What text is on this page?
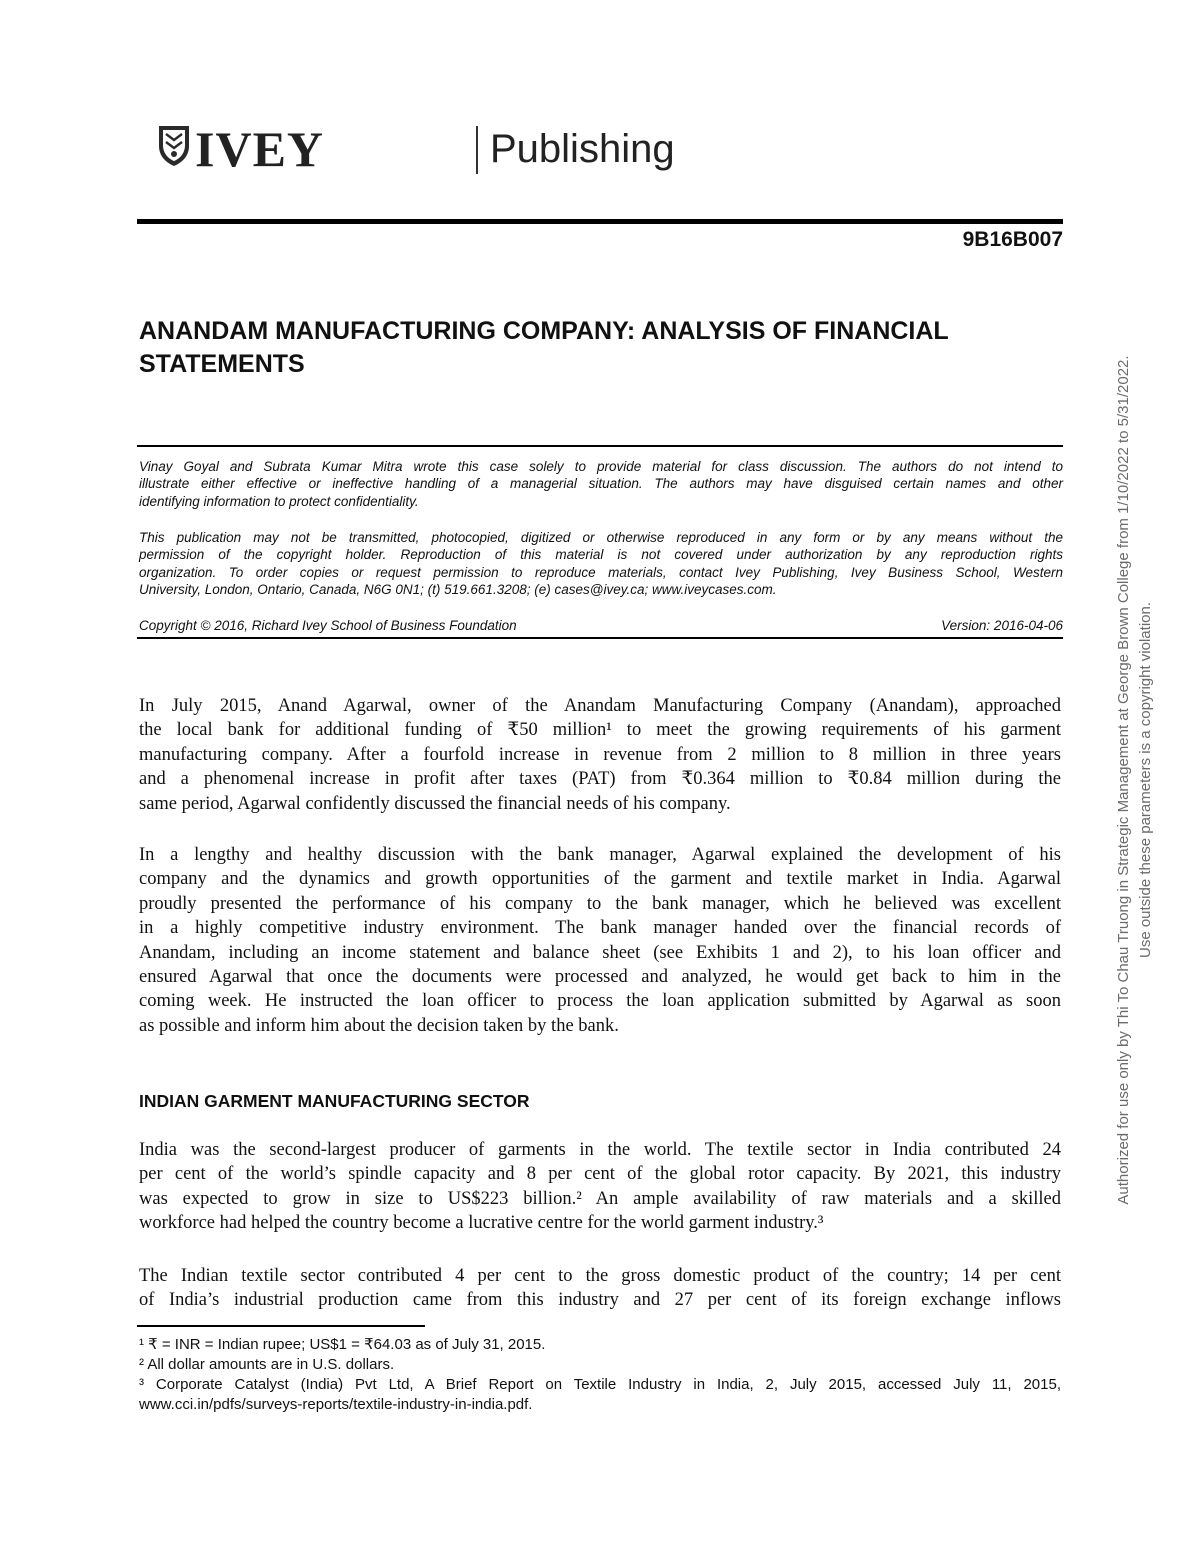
IVEY	Publishing
9B16B007
ANANDAM MANUFACTURING COMPANY: ANALYSIS OF FINANCIAL
STATEMENTS
Vinay Goyal and Subrata Kumar Mitra wrote this case solely to provide material for class discussion. The authors do not intend to
illustrate either effective or ineffective handling of a managerial situation. The authors may have disguised certain names and other
identifying information to protect confidentiality.
This publication may not be transmitted, photocopied, digitized or otherwise reproduced in any form or by any means without the
permission of the copyright holder. Reproduction of this material is not covered under authorization by any reproduction rights
organization. To order copies or request permission to reproduce materials, contact Ivey Publishing, Ivey Business School, Western
University, London, Ontario, Canada, N6G 0N1; (t) 519.661.3208; (e) cases@ivey.ca; www.iveycases.com.
Copyright © 2016, Richard Ivey School of Business Foundation	Version: 2016-04-06
In July 2015, Anand Agarwal, owner of the Anandam Manufacturing Company (Anandam), approached
the local bank for additional funding of ₹50 million¹ to meet the growing requirements of his garment
manufacturing company. After a fourfold increase in revenue from 2 million to 8 million in three years
and a phenomenal increase in profit after taxes (PAT) from ₹0.364 million to ₹0.84 million during the
same period, Agarwal confidently discussed the financial needs of his company.
In a lengthy and healthy discussion with the bank manager, Agarwal explained the development of his
company and the dynamics and growth opportunities of the garment and textile market in India. Agarwal
proudly presented the performance of his company to the bank manager, which he believed was excellent
in a highly competitive industry environment. The bank manager handed over the financial records of
Anandam, including an income statement and balance sheet (see Exhibits 1 and 2), to his loan officer and
ensured Agarwal that once the documents were processed and analyzed, he would get back to him in the
coming week. He instructed the loan officer to process the loan application submitted by Agarwal as soon
as possible and inform him about the decision taken by the bank.
INDIAN GARMENT MANUFACTURING SECTOR
India was the second-largest producer of garments in the world. The textile sector in India contributed 24
per cent of the world’s spindle capacity and 8 per cent of the global rotor capacity. By 2021, this industry
was expected to grow in size to US$223 billion.² An ample availability of raw materials and a skilled
workforce had helped the country become a lucrative centre for the world garment industry.³
The Indian textile sector contributed 4 per cent to the gross domestic product of the country; 14 per cent
of India’s industrial production came from this industry and 27 per cent of its foreign exchange inflows
¹ ₹ = INR = Indian rupee; US$1 = ₹64.03 as of July 31, 2015.
² All dollar amounts are in U.S. dollars.
³ Corporate Catalyst (India) Pvt Ltd, A Brief Report on Textile Industry in India, 2, July 2015, accessed July 11, 2015,
www.cci.in/pdfs/surveys-reports/textile-industry-in-india.pdf.
Authorized for use only by Thi To Chau Truong in Strategic Management at George Brown College from 1/10/2022 to 5/31/2022. Use outside these parameters is a copyright violation.
